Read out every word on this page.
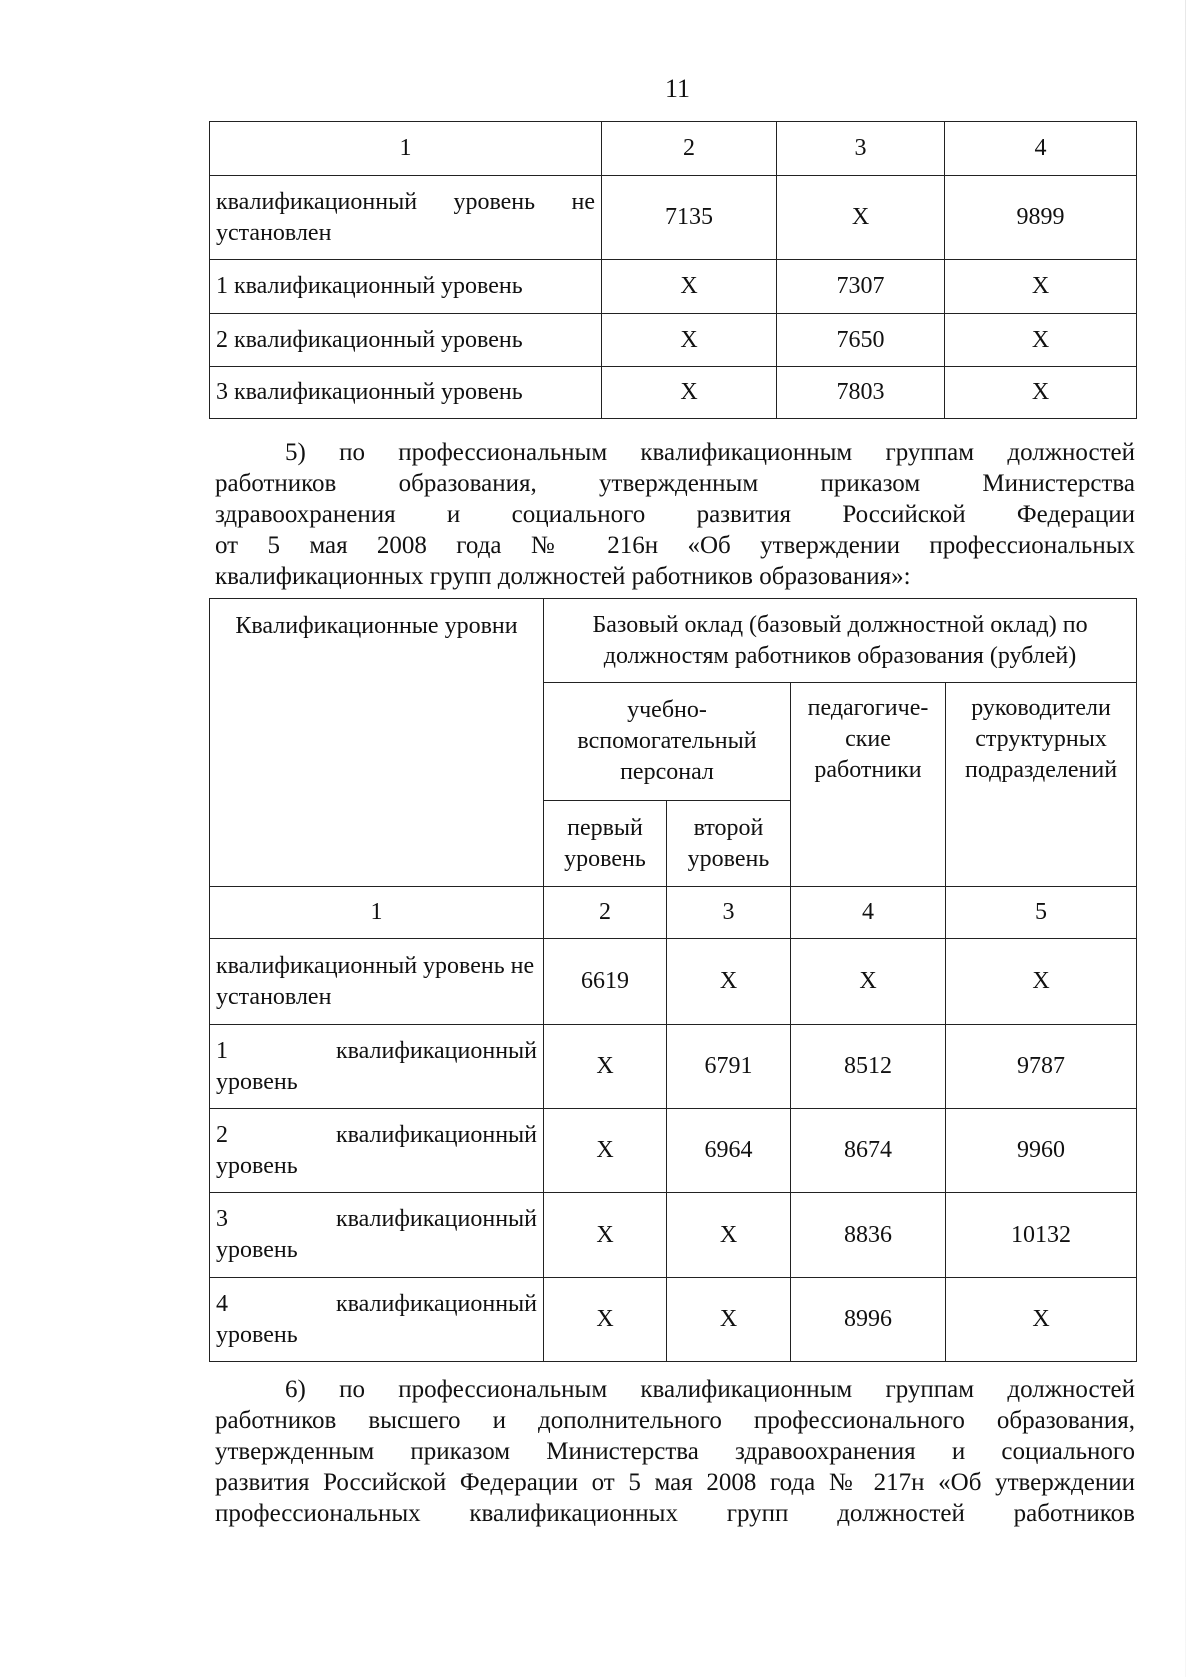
11
1	2	3	4

квалификационный уровень не
установлен	7135	Х	9899
1 квалификационный уровень	Х	7307	Х
2 квалификационный уровень	Х	7650	Х
3 квалификационный уровень	Х	7803	Х
5) по профессиональным квалификационным группам должностей
работников образования, утвержденным приказом Министерства
здравоохранения и социального развития Российской Федерации
от 5 мая 2008 года № 216н «Об утверждении профессиональных
квалификационных групп должностей работников образования»:
Квалификационные уровни	Базовый оклад (базовый должностной оклад) по должностям работников образования (рублей)			
	учебно-вспомогательный персонал		педагогиче-ские работники	руководители структурных подразделений
	первый уровень	второй уровень		
1	2	3	4	5
квалификационный уровень не установлен	6619	Х	Х	Х

1 квалификационный
уровень	Х	6791	8512	9787

2 квалификационный
уровень	Х	6964	8674	9960

3 квалификационный
уровень	Х	Х	8836	10132

4 квалификационный
уровень	Х	Х	8996	Х
6) по профессиональным квалификационным группам должностей
работников высшего и дополнительного профессионального образования,
утвержденным приказом Министерства здравоохранения и социального
развития Российской Федерации от 5 мая 2008 года № 217н «Об утверждении
профессиональных квалификационных групп должностей работников
